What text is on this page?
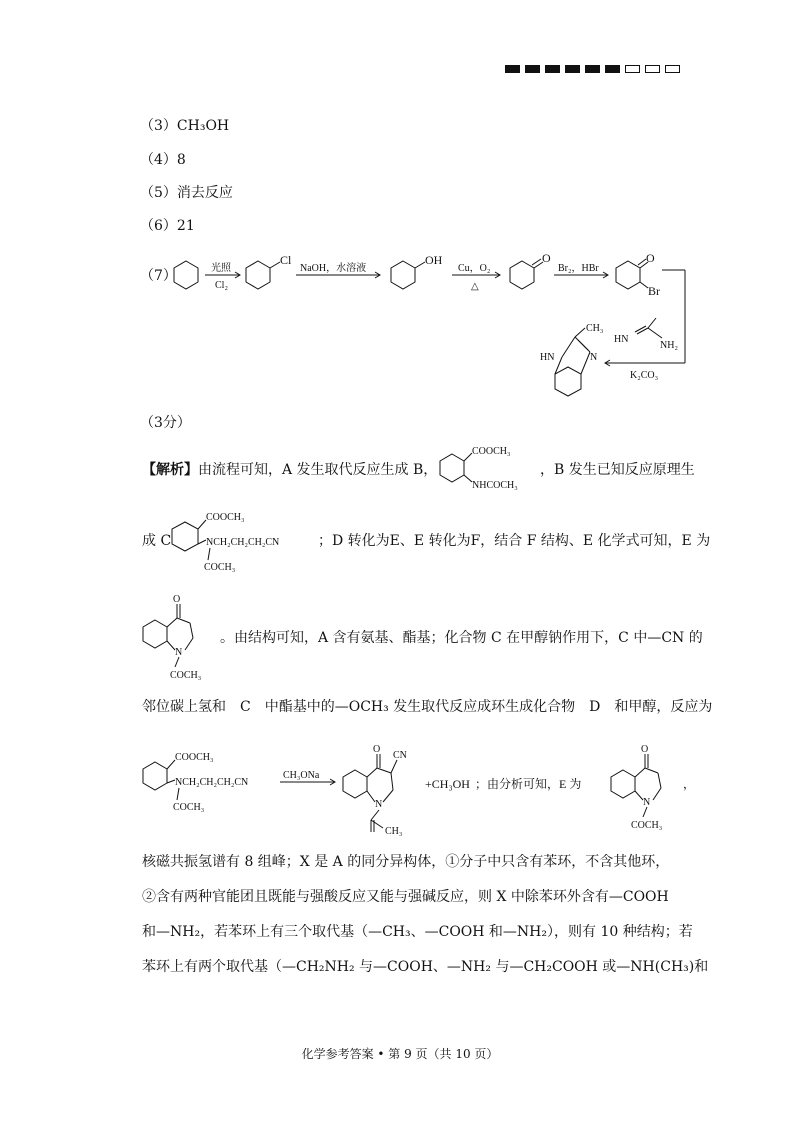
（3）CH₃OH
（4）8
（5）消去反应
（6）21
（7）	光照
Cl₂
Cl
NaOH，水溶液
OH
Cu，O₂
△
O
Br₂，HBr
O
Br
HN
NH₂
K₂CO₃
CH₃
HN	N
（3分）
【解析】由流程可知，A 发生取代反应生成 B，
COOCH₃
NHCOCH₃
，B 发生已知反应原理生
成 C
COOCH₃
NCH₂CH₂CH₂CN
COCH₃
；D 转化为E、E 转化为F，结合 F 结构、E 化学式可知，E 为
O
N
COCH₃
。由结构可知，A 含有氨基、酯基；化合物 C 在甲醇钠作用下，C 中—CN 的
邻位碳上氢和　C　中酯基中的—OCH₃ 发生取代反应成环生成化合物　D　和甲醇，反应为
COOCH₃
NCH₂CH₂CH₂CN
COCH₃
CH₃ONa
O
CN
N
CH₃
+CH₃OH ；由分析可知，E 为
O
N
COCH₃
，
核磁共振氢谱有 8 组峰；X 是 A 的同分异构体，①分子中只含有苯环，不含其他环，
②含有两种官能团且既能与强酸反应又能与强碱反应，则 X 中除苯环外含有—COOH
和—NH₂，若苯环上有三个取代基（—CH₃、—COOH 和—NH₂），则有 10 种结构；若
苯环上有两个取代基（—CH₂NH₂ 与—COOH、—NH₂ 与—CH₂COOH 或—NH(CH₃)和
化学参考答案 • 第 9 页（共 10 页）
